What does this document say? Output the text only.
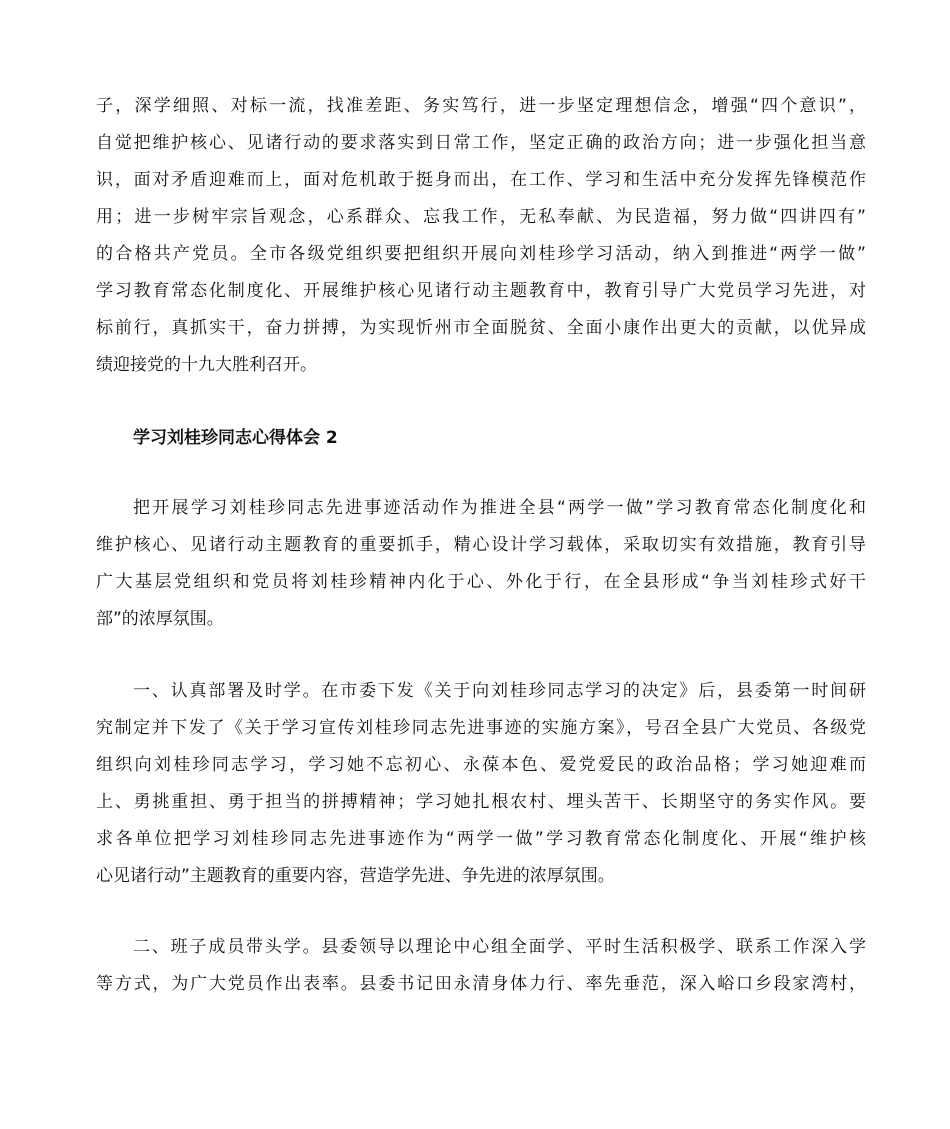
子，深学细照、对标一流，找准差距、务实笃行，进一步坚定理想信念，增强“四个意识”，
自觉把维护核心、见诸行动的要求落实到日常工作，坚定正确的政治方向；进一步强化担当意
识，面对矛盾迎难而上，面对危机敢于挺身而出，在工作、学习和生活中充分发挥先锋模范作
用；进一步树牢宗旨观念，心系群众、忘我工作，无私奉献、为民造福，努力做“四讲四有”
的合格共产党员。全市各级党组织要把组织开展向刘桂珍学习活动，纳入到推进“两学一做”
学习教育常态化制度化、开展维护核心见诸行动主题教育中，教育引导广大党员学习先进，对
标前行，真抓实干，奋力拼搏，为实现忻州市全面脱贫、全面小康作出更大的贡献，以优异成
绩迎接党的十九大胜利召开。
学习刘桂珍同志心得体会 2
把开展学习刘桂珍同志先进事迹活动作为推进全县“两学一做”学习教育常态化制度化和
维护核心、见诸行动主题教育的重要抓手，精心设计学习载体，采取切实有效措施，教育引导
广大基层党组织和党员将刘桂珍精神内化于心、外化于行，在全县形成“争当刘桂珍式好干
部”的浓厚氛围。
一、认真部署及时学。在市委下发《关于向刘桂珍同志学习的决定》后，县委第一时间研
究制定并下发了《关于学习宣传刘桂珍同志先进事迹的实施方案》，号召全县广大党员、各级党
组织向刘桂珍同志学习，学习她不忘初心、永葆本色、爱党爱民的政治品格；学习她迎难而
上、勇挑重担、勇于担当的拼搏精神；学习她扎根农村、埋头苦干、长期坚守的务实作风。要
求各单位把学习刘桂珍同志先进事迹作为“两学一做”学习教育常态化制度化、开展“维护核
心见诸行动”主题教育的重要内容，营造学先进、争先进的浓厚氛围。
二、班子成员带头学。县委领导以理论中心组全面学、平时生活积极学、联系工作深入学
等方式，为广大党员作出表率。县委书记田永清身体力行、率先垂范，深入峪口乡段家湾村，
